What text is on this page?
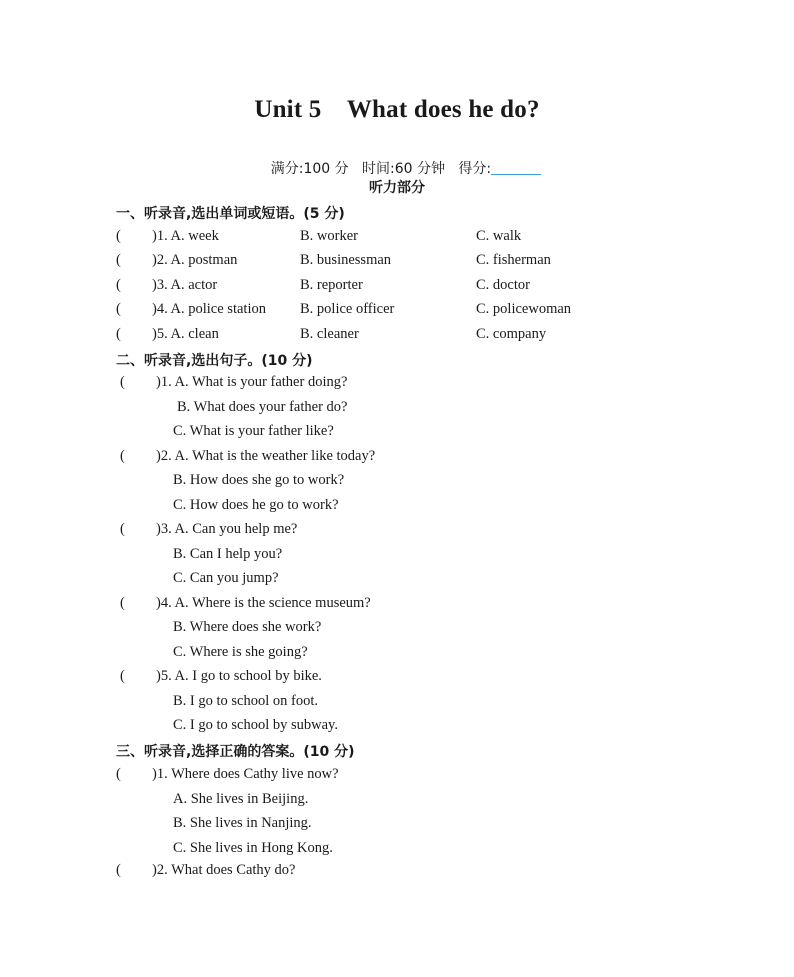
Unit 5    What does he do?

满分:100 分 时间:60 分钟 得分:

听力部分
一、听录音,选出单词或短语。(5 分)
( )1. A. week	B. worker	C. walk
( )2. A. postman	B. businessman	C. fisherman
( )3. A. actor	B. reporter	C. doctor
( )4. A. police station B. police officer	C. policewoman
( )5. A. clean	B. cleaner	C. company
二、听录音,选出句子。(10 分)
( )1. A. What is your father doing?
B. What does your father do?
C. What is your father like?
( )2. A. What is the weather like today?
B. How does she go to work?
C. How does he go to work?
( )3. A. Can you help me?
B. Can I help you?
C. Can you jump?
( )4. A. Where is the science museum?
B. Where does she work?
C. Where is she going?
( )5. A. I go to school by bike.
B. I go to school on foot.
C. I go to school by subway.
三、听录音,选择正确的答案。(10 分)
( )1. Where does Cathy live now?
A. She lives in Beijing.
B. She lives in Nanjing.
C. She lives in Hong Kong.
( )2. What does Cathy do?
